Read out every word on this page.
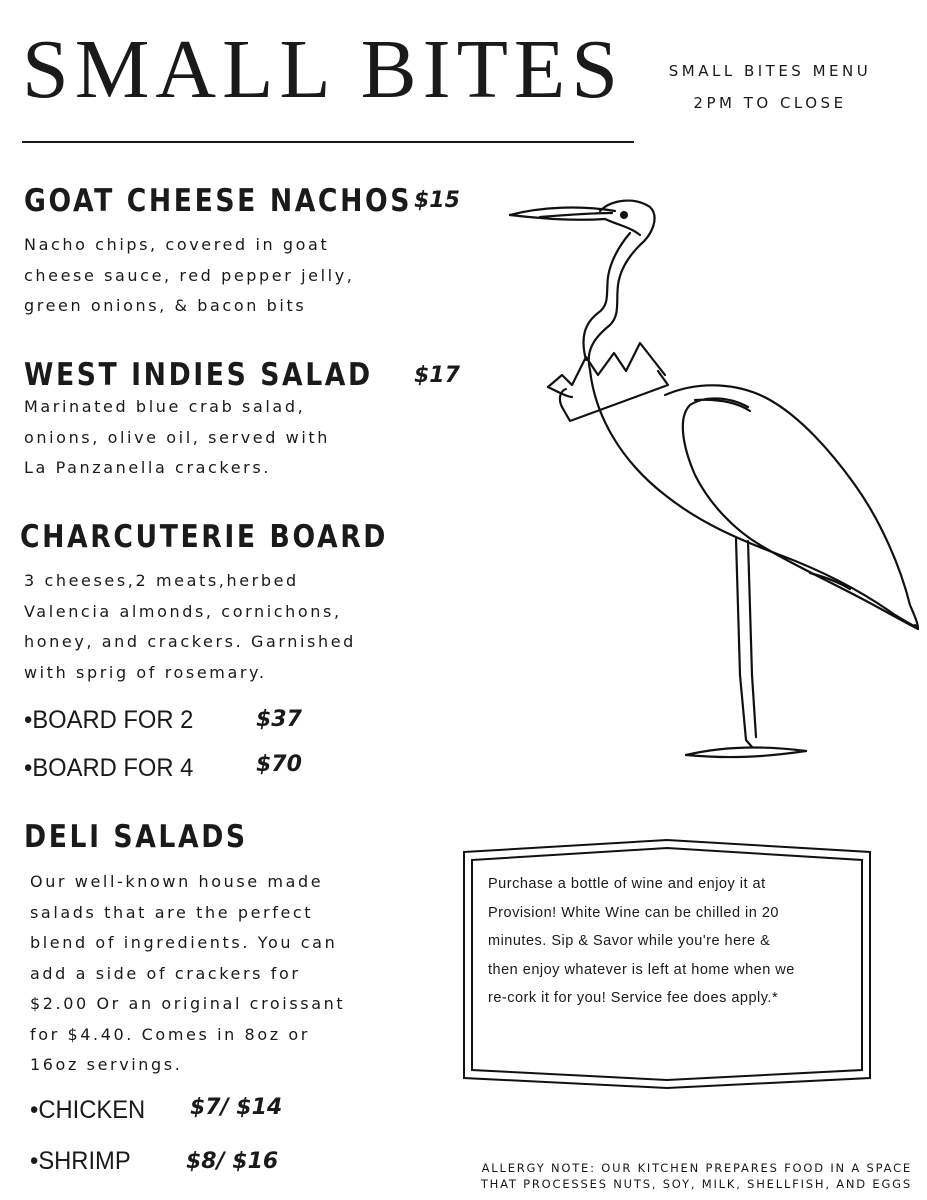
SMALL BITES	SMALL BITES MENU
2PM TO CLOSE
GOAT CHEESE NACHOS $15
Nacho chips, covered in goat
cheese sauce, red pepper jelly,
green onions, & bacon bits
WEST INDIES SALAD $17
Marinated blue crab salad,
onions, olive oil, served with
La Panzanella crackers.
CHARCUTERIE BOARD
3 cheeses,2 meats,herbed
Valencia almonds, cornichons,
honey, and crackers. Garnished
with sprig of rosemary.
•BOARD FOR 2	$37
•BOARD FOR 4	$70
DELI SALADS
Our well-known house made
salads that are the perfect
blend of ingredients. You can
add a side of crackers for
$2.00 Or an original croissant
for $4.40. Comes in 8oz or
16oz servings.
•CHICKEN $7/ $14
•SHRIMP	$8/ $16
Purchase a bottle of wine and enjoy it at
Provision! White Wine can be chilled in 20
minutes. Sip & Savor while you're here &
then enjoy whatever is left at home when we
re-cork it for you! Service fee does apply.*
ALLERGY NOTE: OUR KITCHEN PREPARES FOOD IN A SPACE
THAT PROCESSES NUTS, SOY, MILK, SHELLFISH, AND EGGS
